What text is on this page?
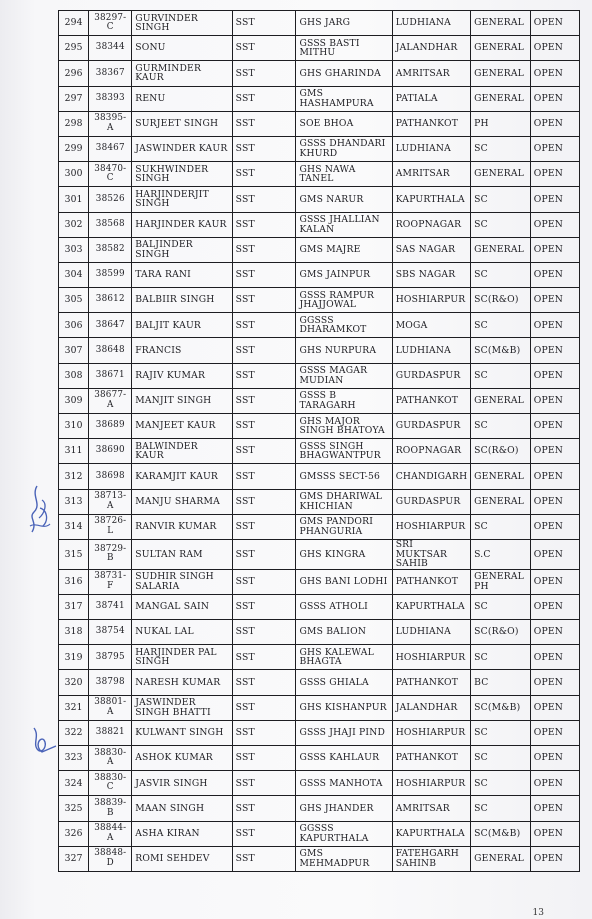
294	38297-C	GURVINDER SINGH	SST	GHS JARG	LUDHIANA	GENERAL	OPEN
295	38344	SONU	SST	GSSS BASTI MITHU	JALANDHAR	GENERAL	OPEN
296	38367	GURMINDER KAUR	SST	GHS GHARINDA	AMRITSAR	GENERAL	OPEN
297	38393	RENU	SST	GMS HASHAMPURA	PATIALA	GENERAL	OPEN
298	38395-A	SURJEET SINGH	SST	SOE BHOA	PATHANKOT	PH	OPEN
299	38467	JASWINDER KAUR	SST	GSSS DHANDARI KHURD	LUDHIANA	SC	OPEN
300	38470-C	SUKHWINDER SINGH	SST	GHS NAWA TANEL	AMRITSAR	GENERAL	OPEN
301	38526	HARJINDERJIT SINGH	SST	GMS NARUR	KAPURTHALA	SC	OPEN
302	38568	HARJINDER KAUR	SST	GSSS JHALLIAN KALAN	ROOPNAGAR	SC	OPEN
303	38582	BALJINDER SINGH	SST	GMS MAJRE	SAS NAGAR	GENERAL	OPEN
304	38599	TARA RANI	SST	GMS JAINPUR	SBS NAGAR	SC	OPEN
305	38612	BALBIIR SINGH	SST	GSSS RAMPUR JHAJJOWAL	HOSHIARPUR	SC(R&O)	OPEN
306	38647	BALJIT KAUR	SST	GGSSS DHARAMKOT	MOGA	SC	OPEN
307	38648	FRANCIS	SST	GHS NURPURA	LUDHIANA	SC(M&B)	OPEN
308	38671	RAJIV KUMAR	SST	GSSS MAGAR MUDIAN	GURDASPUR	SC	OPEN
309	38677-A	MANJIT SINGH	SST	GSSS B TARAGARH	PATHANKOT	GENERAL	OPEN
310	38689	MANJEET KAUR	SST	GHS MAJOR SINGH BHATOYA	GURDASPUR	SC	OPEN
311	38690	BALWINDER KAUR	SST	GSSS SINGH BHAGWANTPUR	ROOPNAGAR	SC(R&O)	OPEN
312	38698	KARAMJIT KAUR	SST	GMSSS SECT-56	CHANDIGARH	GENERAL	OPEN
313	38713-A	MANJU SHARMA	SST	GMS DHARIWAL KHICHIAN	GURDASPUR	GENERAL	OPEN
314	38726-L	RANVIR KUMAR	SST	GMS PANDORI PHANGURIA	HOSHIARPUR	SC	OPEN
315	38729-B	SULTAN RAM	SST	GHS KINGRA	SRI MUKTSAR SAHIB	S.C	OPEN
316	38731-F	SUDHIR SINGH SALARIA	SST	GHS BANI LODHI	PATHANKOT	GENERAL PH	OPEN
317	38741	MANGAL SAIN	SST	GSSS ATHOLI	KAPURTHALA	SC	OPEN
318	38754	NUKAL LAL	SST	GMS BALION	LUDHIANA	SC(R&O)	OPEN
319	38795	HARJINDER PAL SINGH	SST	GHS KALEWAL BHAGTA	HOSHIARPUR	SC	OPEN
320	38798	NARESH KUMAR	SST	GSSS GHIALA	PATHANKOT	BC	OPEN
321	38801-A	JASWINDER SINGH BHATTI	SST	GHS KISHANPUR	JALANDHAR	SC(M&B)	OPEN
322	38821	KULWANT SINGH	SST	GSSS JHAJI PIND	HOSHIARPUR	SC	OPEN
323	38830-A	ASHOK KUMAR	SST	GSSS KAHLAUR	PATHANKOT	SC	OPEN
324	38830-C	JASVIR SINGH	SST	GSSS MANHOTA	HOSHIARPUR	SC	OPEN
325	38839-B	MAAN SINGH	SST	GHS JHANDER	AMRITSAR	SC	OPEN
326	38844-A	ASHA KIRAN	SST	GGSSS KAPURTHALA	KAPURTHALA	SC(M&B)	OPEN
327	38848-D	ROMI SEHDEV	SST	GMS MEHMADPUR	FATEHGARH SAHINB	GENERAL	OPEN
13
